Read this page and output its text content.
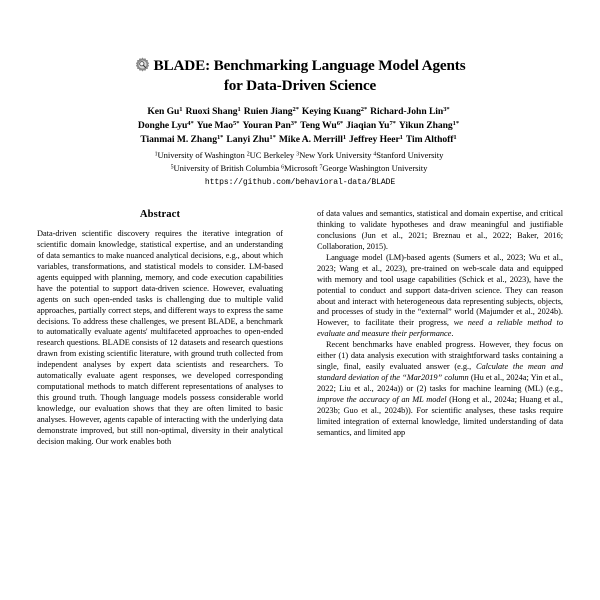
BLADE: Benchmarking Language Model Agents
for Data-Driven Science
Ken Gu$^1$ Ruoxi Shang$^1$ Ruien Jiang$^{2*}$ Keying Kuang$^{2*}$ Richard-John Lin$^{3*}$
Donghe Lyu$^{4*}$ Yue Mao$^{5*}$ Youran Pan$^{3*}$ Teng $Wu^{6*}$ Jiaqian $Yu^{7*}$ Yikun Zhang$^{1*}$
Tianmai M. Zhang$^{1*}$ Lanyi Zhu$^{1*}$ Mike A. Merrill$^1$ Jeffrey Heer$^1$ Tim Althoff$^1$
$^1$University of Washington $^2$UC Berkeley $^3$New York University $^4$Stanford University
$^5$University of British Columbia $^6$Microsoft $^7$George Washington University
https://github.com/behavioral-data/BLADE
Abstract

Data-driven scientific discovery requires the iterative integration of scientific domain knowledge, statistical expertise, and an understanding of data semantics to make nuanced analytical decisions, e.g., about which variables, transformations, and statistical models to consider. LM-based agents equipped with planning, memory, and code execution capabilities have the potential to support data-driven science. However, evaluating agents on such open-ended tasks is challenging due to multiple valid approaches, partially correct steps, and different ways to express the same decisions. To address these challenges, we present BLADE, a benchmark to automatically evaluate agents' multifaceted approaches to open-ended research questions. BLADE consists of 12 datasets and research questions drawn from existing scientific literature, with ground truth collected from independent analyses by expert data scientists and researchers. To automatically evaluate agent responses, we developed corresponding computational methods to match different representations of analyses to this ground truth. Though language models possess considerable world knowledge, our evaluation shows that they are often limited to basic analyses. However, agents capable of interacting with the underlying data demonstrate improved, but still non-optimal, diversity in their analytical decision making. Our work enables both

of data values and semantics, statistical and domain expertise, and critical thinking to validate hypotheses and draw meaningful and justifiable conclusions (Jun et al., 2021; Breznau et al., 2022; Baker, 2016; Collaboration, 2015).

Language model (LM)-based agents (Sumers et al., 2023; Wu et al., 2023; Wang et al., 2023), pre-trained on web-scale data and equipped with memory and tool usage capabilities (Schick et al., 2023), have the potential to conduct and support data-driven science. They can reason about and interact with heterogeneous data representing subjects, objects, and processes of study in the “external” world (Majumder et al., 2024b). However, to facilitate their progress, we need a reliable method to evaluate and measure their performance.

Recent benchmarks have enabled progress. However, they focus on either (1) data analysis execution with straightforward tasks containing a single, final, easily evaluated answer (e.g., Calculate the mean and standard deviation of the “Mar2019” column (Hu et al., 2024a; Yin et al., 2022; Liu et al., 2024a)) or (2) tasks for machine learning (ML) (e.g., improve the accuracy of an ML model (Hong et al., 2024a; Huang et al., 2023b; Guo et al., 2024b)). For scientific analyses, these tasks require limited integration of external knowledge, limited understanding of data semantics, and limited app
